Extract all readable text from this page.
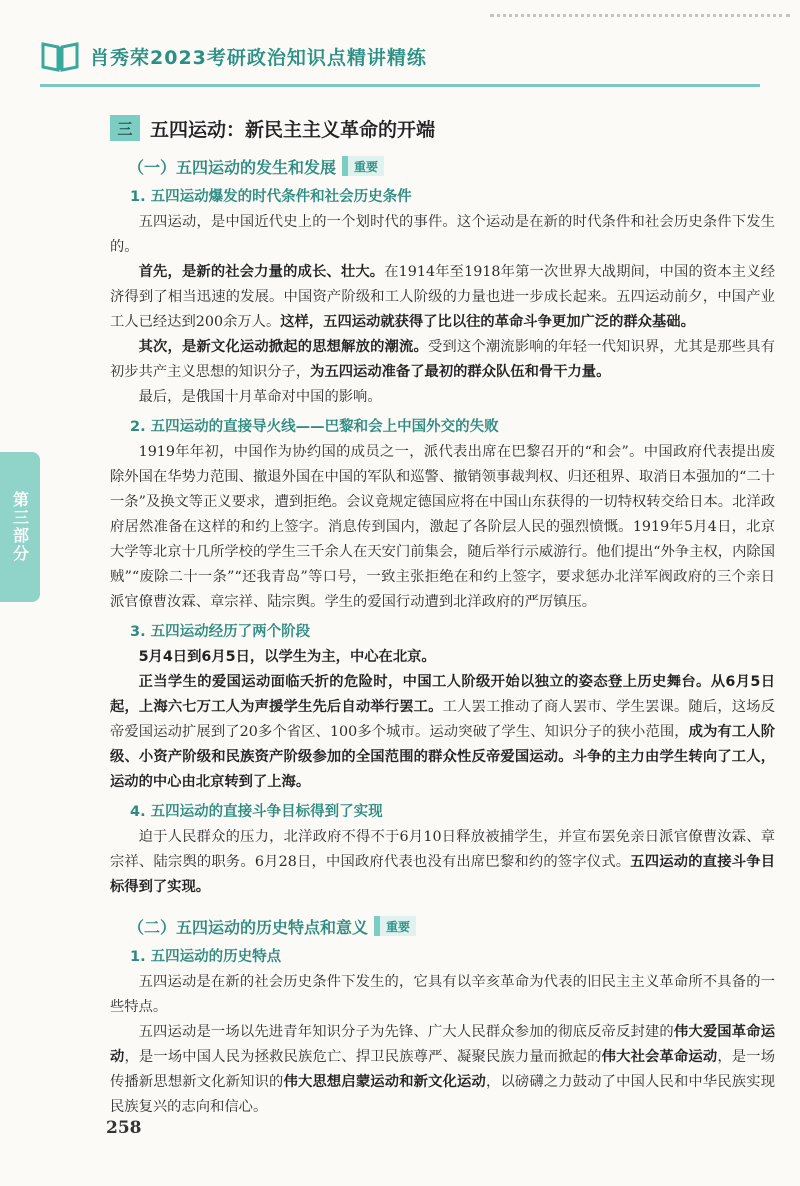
肖秀荣2023考研政治知识点精讲精练
第三部分
三 五四运动：新民主主义革命的开端
（一）五四运动的发生和发展	重要
1. 五四运动爆发的时代条件和社会历史条件

五四运动，是中国近代史上的一个划时代的事件。这个运动是在新的时代条件和社会历史条件下发生的。

首先，是新的社会力量的成长、壮大。在1914年至1918年第一次世界大战期间，中国的资本主义经济得到了相当迅速的发展。中国资产阶级和工人阶级的力量也进一步成长起来。五四运动前夕，中国产业工人已经达到200余万人。这样，五四运动就获得了比以往的革命斗争更加广泛的群众基础。

其次，是新文化运动掀起的思想解放的潮流。受到这个潮流影响的年轻一代知识界，尤其是那些具有初步共产主义思想的知识分子，为五四运动准备了最初的群众队伍和骨干力量。

最后，是俄国十月革命对中国的影响。

2. 五四运动的直接导火线——巴黎和会上中国外交的失败

1919年年初，中国作为协约国的成员之一，派代表出席在巴黎召开的“和会”。中国政府代表提出废除外国在华势力范围、撤退外国在中国的军队和巡警、撤销领事裁判权、归还租界、取消日本强加的“二十一条”及换文等正义要求，遭到拒绝。会议竟规定德国应将在中国山东获得的一切特权转交给日本。北洋政府居然准备在这样的和约上签字。消息传到国内，激起了各阶层人民的强烈愤慨。1919年5月4日，北京大学等北京十几所学校的学生三千余人在天安门前集会，随后举行示威游行。他们提出“外争主权，内除国贼”“废除二十一条”“还我青岛”等口号，一致主张拒绝在和约上签字，要求惩办北洋军阀政府的三个亲日派官僚曹汝霖、章宗祥、陆宗舆。学生的爱国行动遭到北洋政府的严厉镇压。

3. 五四运动经历了两个阶段

5月4日到6月5日，以学生为主，中心在北京。

正当学生的爱国运动面临夭折的危险时，中国工人阶级开始以独立的姿态登上历史舞台。从6月5日起，上海六七万工人为声援学生先后自动举行罢工。工人罢工推动了商人罢市、学生罢课。随后，这场反帝爱国运动扩展到了20多个省区、100多个城市。运动突破了学生、知识分子的狭小范围，成为有工人阶级、小资产阶级和民族资产阶级参加的全国范围的群众性反帝爱国运动。斗争的主力由学生转向了工人，运动的中心由北京转到了上海。

4. 五四运动的直接斗争目标得到了实现

迫于人民群众的压力，北洋政府不得不于6月10日释放被捕学生，并宣布罢免亲日派官僚曹汝霖、章宗祥、陆宗舆的职务。6月28日，中国政府代表也没有出席巴黎和约的签字仪式。五四运动的直接斗争目标得到了实现。

（二）五四运动的历史特点和意义	重要
1. 五四运动的历史特点

五四运动是在新的社会历史条件下发生的，它具有以辛亥革命为代表的旧民主主义革命所不具备的一些特点。

五四运动是一场以先进青年知识分子为先锋、广大人民群众参加的彻底反帝反封建的伟大爱国革命运动，是一场中国人民为拯救民族危亡、捍卫民族尊严、凝聚民族力量而掀起的伟大社会革命运动，是一场传播新思想新文化新知识的伟大思想启蒙运动和新文化运动，以磅礴之力鼓动了中国人民和中华民族实现民族复兴的志向和信心。

258
